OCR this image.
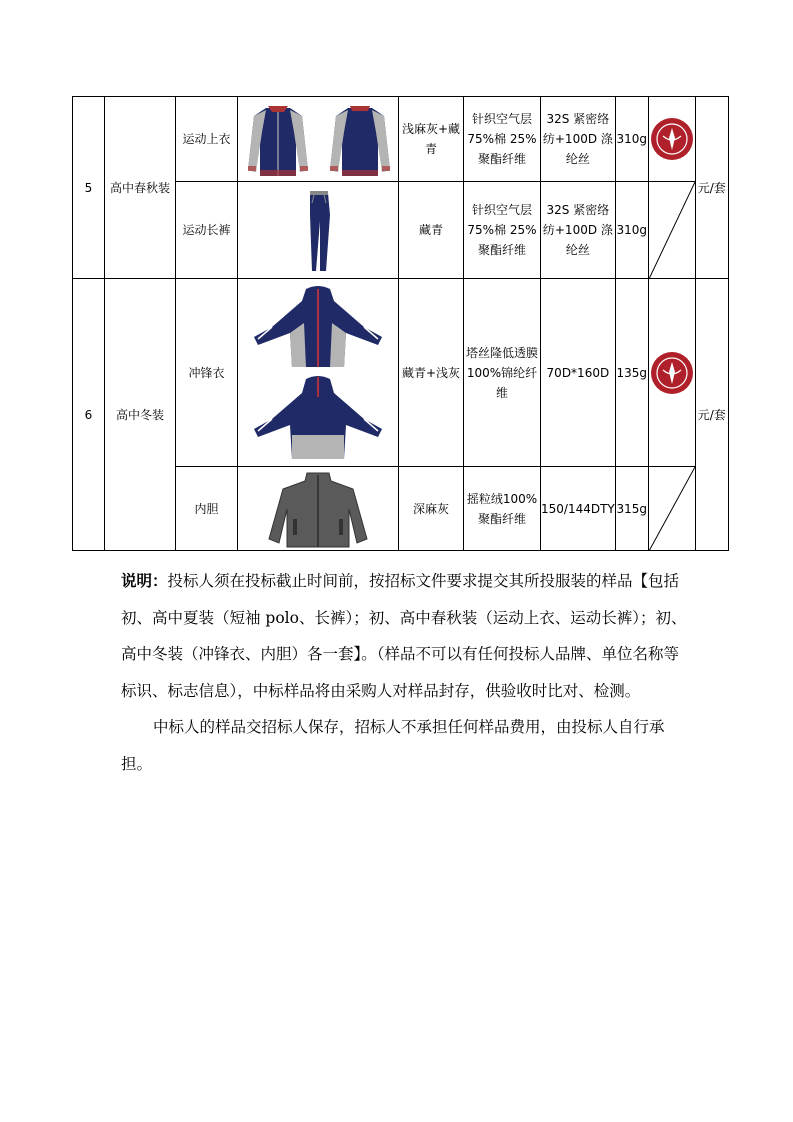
5	高中春秋装	运动上衣		浅麻灰+藏青	针织空气层75%棉 25%聚酯纤维	32S 紧密络纺+100D 涤纶丝	310g		元/套
		运动长裤		藏青	针织空气层75%棉 25%聚酯纤维	32S 紧密络纺+100D 涤纶丝	310g	

6	高中冬装	冲锋衣		藏青+浅灰	塔丝隆低透膜100%锦纶纤维	70D*160D	135g		元/套
		内胆		深麻灰	摇粒绒100%聚酯纤维	150/144DTY	315g	

说明：投标人须在投标截止时间前，按招标文件要求提交其所投服装的样品【包括初、高中夏装（短袖 polo、长裤）；初、高中春秋装（运动上衣、运动长裤）；初、高中冬装（冲锋衣、内胆）各一套】。（样品不可以有任何投标人品牌、单位名称等标识、标志信息），中标样品将由采购人对样品封存，供验收时比对、检测。

中标人的样品交招标人保存，招标人不承担任何样品费用，由投标人自行承担。
